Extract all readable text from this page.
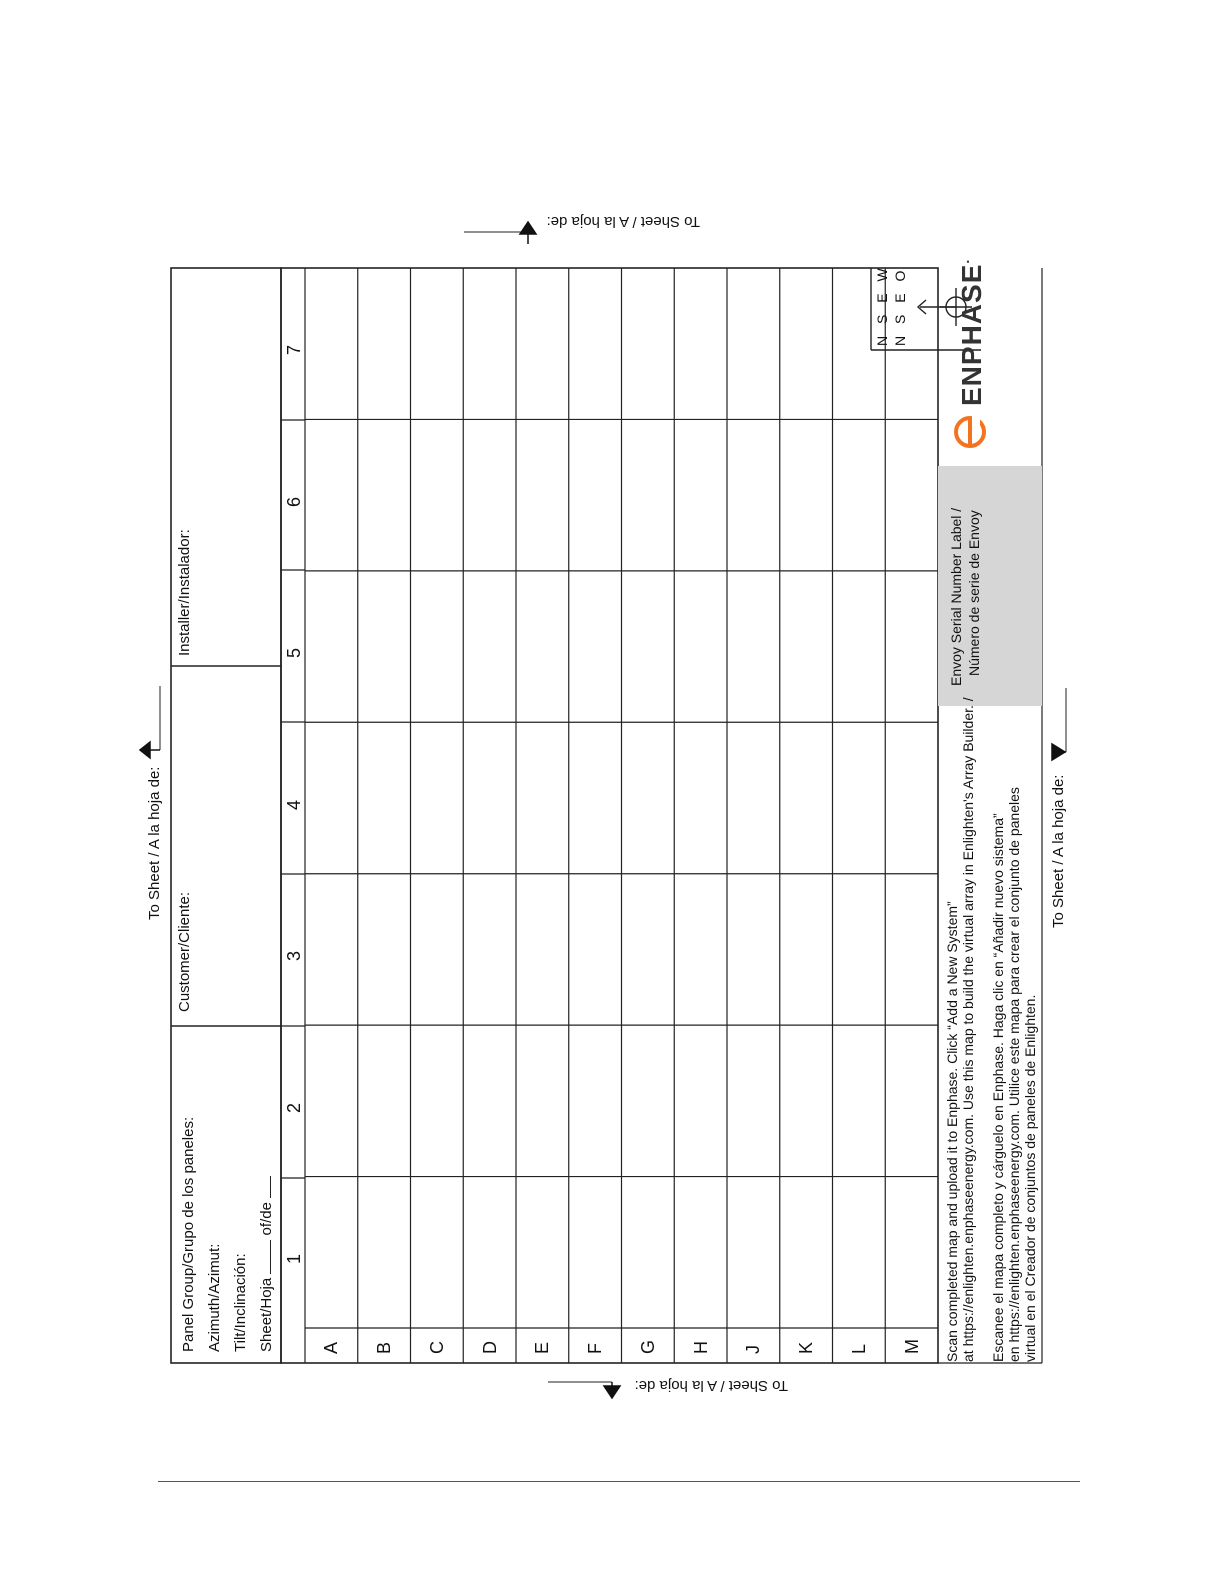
Panel Group/Grupo de los paneles: Azimuth/Azimut: Tilt/Inclinación: Sheet/Hoja  of/de
Customer/Cliente:
Installer/Instalador:
N S E W N S E O
To Sheet / A la hoja de:	To Sheet / A la hoja de:
To Sheet / A la hoja de:
To Sheet / A la hoja de:
A B C D E F G H J K L M
1
2
3
4
5
6
7
Scan completed map and upload it to Enphase. Click “Add a New System” at https://enlighten.enphaseenergy.com. Use this map to build the virtual array in Enlighten's Array Builder. / Escanee el mapa completo y cárguelo en Enphase. Haga clic en “Añadir nuevo sistema” en https://enlighten.enphaseenergy.com. Utilice este mapa para crear el conjunto de paneles virtual en el Creador de conjuntos de paneles de Enlighten.
Envoy Serial Number Label / Número de serie de Envoy
ENPHASE.
